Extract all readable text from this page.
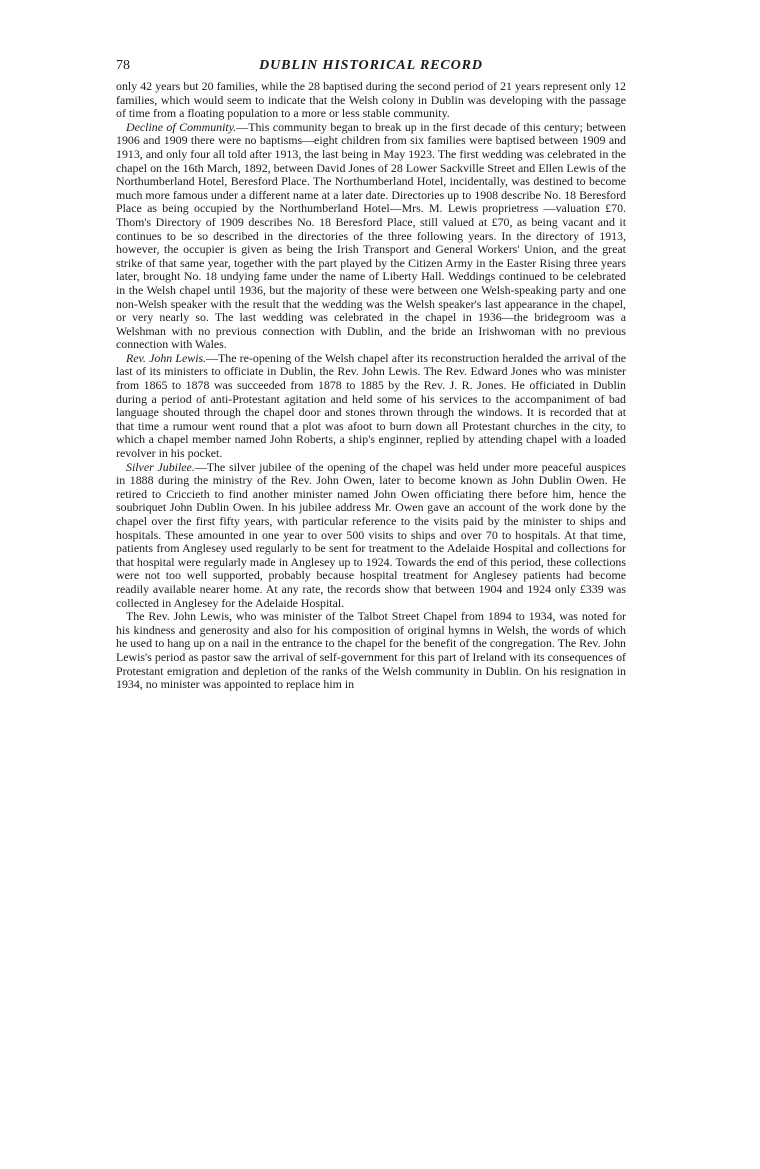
78	DUBLIN HISTORICAL RECORD

only 42 years but 20 families, while the 28 baptised during the second period of 21 years represent only 12 families, which would seem to indicate that the Welsh colony in Dublin was developing with the passage of time from a floating population to a more or less stable community.

Decline of Community.—This community began to break up in the first decade of this century; between 1906 and 1909 there were no baptisms—eight children from six families were baptised between 1909 and 1913, and only four all told after 1913, the last being in May 1923. The first wedding was celebrated in the chapel on the 16th March, 1892, between David Jones of 28 Lower Sackville Street and Ellen Lewis of the Northumberland Hotel, Beresford Place. The Northumberland Hotel, incidentally, was destined to become much more famous under a different name at a later date. Directories up to 1908 describe No. 18 Beresford Place as being occupied by the Northumberland Hotel—Mrs. M. Lewis proprietress —valuation £70. Thom's Directory of 1909 describes No. 18 Beresford Place, still valued at £70, as being vacant and it continues to be so described in the directories of the three following years. In the directory of 1913, however, the occupier is given as being the Irish Transport and General Workers' Union, and the great strike of that same year, together with the part played by the Citizen Army in the Easter Rising three years later, brought No. 18 undying fame under the name of Liberty Hall. Weddings continued to be celebrated in the Welsh chapel until 1936, but the majority of these were between one Welsh-speaking party and one non-Welsh speaker with the result that the wedding was the Welsh speaker's last appearance in the chapel, or very nearly so. The last wedding was celebrated in the chapel in 1936—the bridegroom was a Welshman with no previous connection with Dublin, and the bride an Irishwoman with no previous connection with Wales.

Rev. John Lewis.—The re-opening of the Welsh chapel after its reconstruction heralded the arrival of the last of its ministers to officiate in Dublin, the Rev. John Lewis. The Rev. Edward Jones who was minister from 1865 to 1878 was succeeded from 1878 to 1885 by the Rev. J. R. Jones. He officiated in Dublin during a period of anti-Protestant agitation and held some of his services to the accompaniment of bad language shouted through the chapel door and stones thrown through the windows. It is recorded that at that time a rumour went round that a plot was afoot to burn down all Protestant churches in the city, to which a chapel member named John Roberts, a ship's enginner, replied by attending chapel with a loaded revolver in his pocket.

Silver Jubilee.—The silver jubilee of the opening of the chapel was held under more peaceful auspices in 1888 during the ministry of the Rev. John Owen, later to become known as John Dublin Owen. He retired to Criccieth to find another minister named John Owen officiating there before him, hence the soubriquet John Dublin Owen. In his jubilee address Mr. Owen gave an account of the work done by the chapel over the first fifty years, with particular reference to the visits paid by the minister to ships and hospitals. These amounted in one year to over 500 visits to ships and over 70 to hospitals. At that time, patients from Anglesey used regularly to be sent for treatment to the Adelaide Hospital and collections for that hospital were regularly made in Anglesey up to 1924. Towards the end of this period, these collections were not too well supported, probably because hospital treatment for Anglesey patients had become readily available nearer home. At any rate, the records show that between 1904 and 1924 only £339 was collected in Anglesey for the Adelaide Hospital.

The Rev. John Lewis, who was minister of the Talbot Street Chapel from 1894 to 1934, was noted for his kindness and generosity and also for his composition of original hymns in Welsh, the words of which he used to hang up on a nail in the entrance to the chapel for the benefit of the congregation. The Rev. John Lewis's period as pastor saw the arrival of self-government for this part of Ireland with its consequences of Protestant emigration and depletion of the ranks of the Welsh community in Dublin. On his resignation in 1934, no minister was appointed to replace him in
